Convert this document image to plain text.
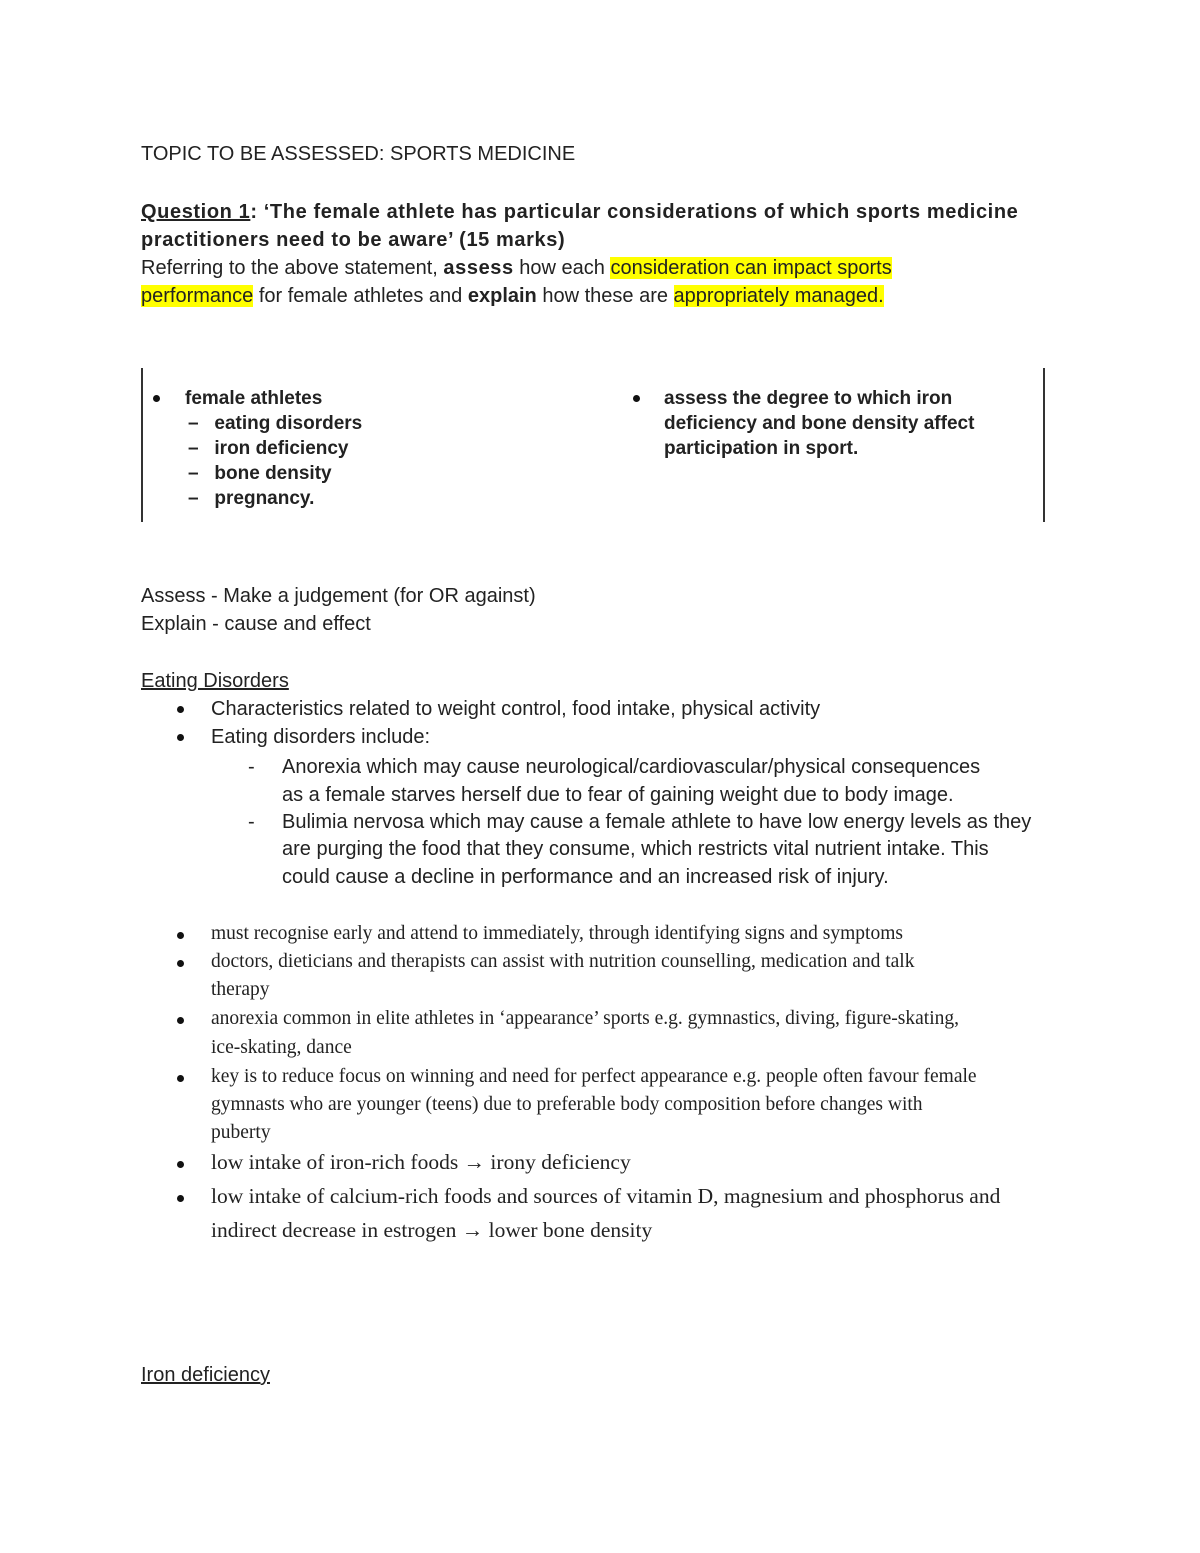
TOPIC TO BE ASSESSED: SPORTS MEDICINE
Question 1: ‘The female athlete has particular considerations of which sports medicine
practitioners need to be aware’ (15 marks)
Referring to the above statement, assess how each consideration can impact sports
performance for female athletes and explain how these are appropriately managed.
female athletes
–   eating disorders
–   iron deficiency
–   bone density
–   pregnancy.
assess the degree to which iron
deficiency and bone density affect
participation in sport.
Assess - Make a judgement (for OR against)
Explain - cause and effect
Eating Disorders
Characteristics related to weight control, food intake, physical activity
Eating disorders include:
- Anorexia which may cause neurological/cardiovascular/physical consequences
as a female starves herself due to fear of gaining weight due to body image.
- Bulimia nervosa which may cause a female athlete to have low energy levels as they
are purging the food that they consume, which restricts vital nutrient intake. This
could cause a decline in performance and an increased risk of injury.
must recognise early and attend to immediately, through identifying signs and symptoms
doctors, dieticians and therapists can assist with nutrition counselling, medication and talk
therapy
anorexia common in elite athletes in ‘appearance’ sports e.g. gymnastics, diving, figure-skating,
ice-skating, dance
key is to reduce focus on winning and need for perfect appearance e.g. people often favour female
gymnasts who are younger (teens) due to preferable body composition before changes with
puberty
low intake of iron-rich foods → irony deficiency
low intake of calcium-rich foods and sources of vitamin D, magnesium and phosphorus and
indirect decrease in estrogen → lower bone density
Iron deficiency
